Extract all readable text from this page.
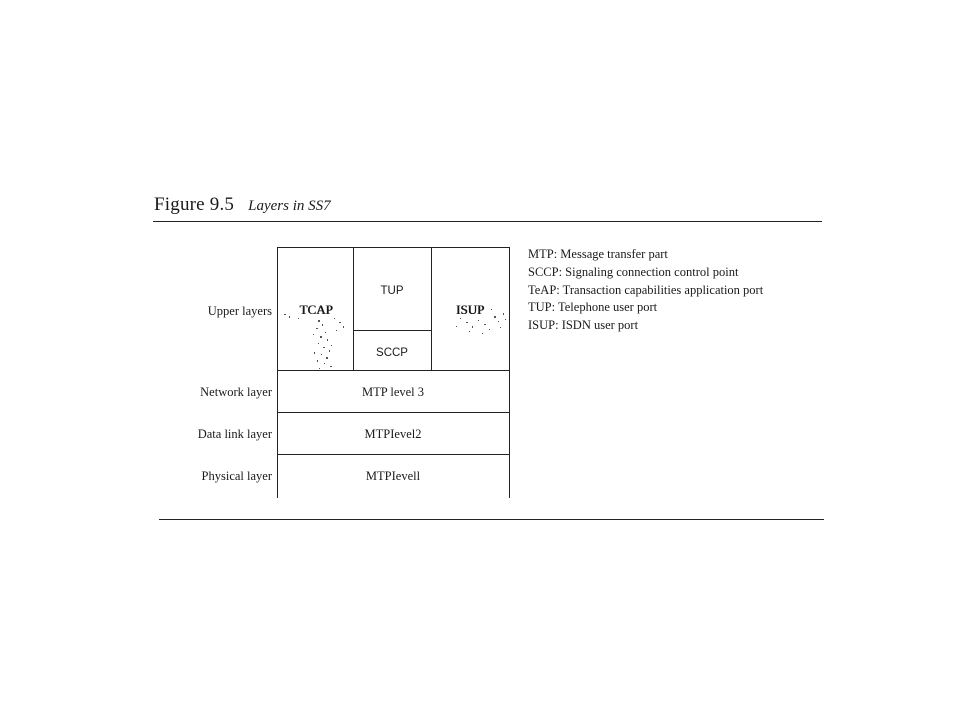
Figure 9.5 Layers in SS7
TCAP
TUP
ISUP
SCCP
MTP level 3
MTPIevel2
MTPIevell
Upper layers
Network layer
Data link layer
Physical layer
MTP: Message transfer part
SCCP: Signaling connection control point
TeAP: Transaction capabilities application port
TUP: Telephone user port
ISUP: ISDN user port
